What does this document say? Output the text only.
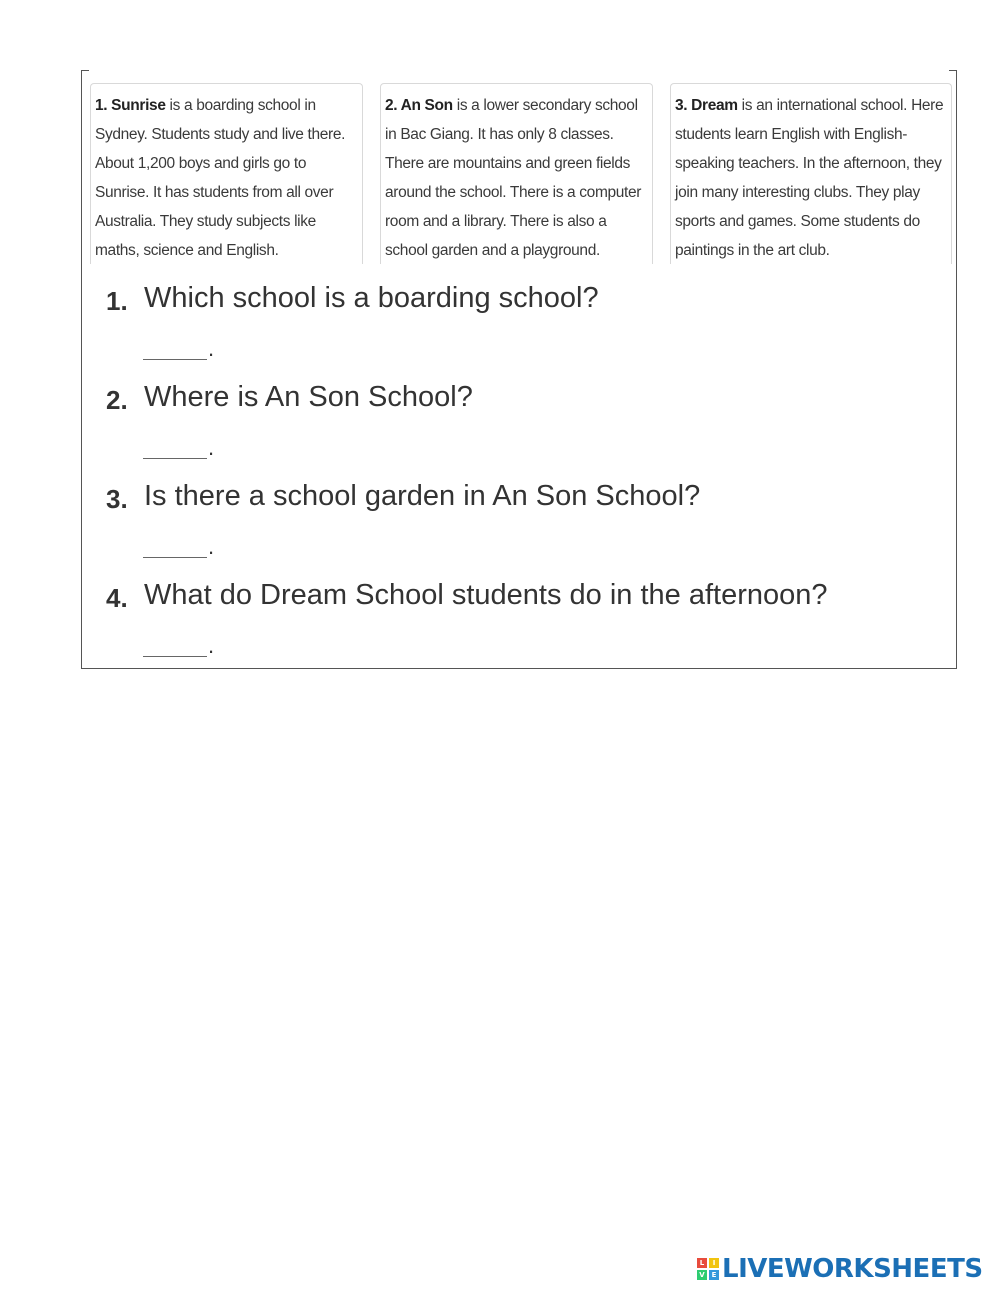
1. Sunrise is a boarding school in Sydney. Students study and live there. About 1,200 boys and girls go to Sunrise. It has students from all over Australia. They study subjects like maths, science and English.
2. An Son is a lower secondary school in Bac Giang. It has only 8 classes. There are mountains and green fields around the school. There is a computer room and a library. There is also a school garden and a playground.
3. Dream is an international school. Here students learn English with English-speaking teachers. In the afternoon, they join many interesting clubs. They play sports and games. Some students do paintings in the art club.
1. Which school is a boarding school?
.
2. Where is An Son School?
.
3. Is there a school garden in An Son School?
.
4. What do Dream School students do in the afternoon?
.
L	I
V E LIVEWORKSHEETS
